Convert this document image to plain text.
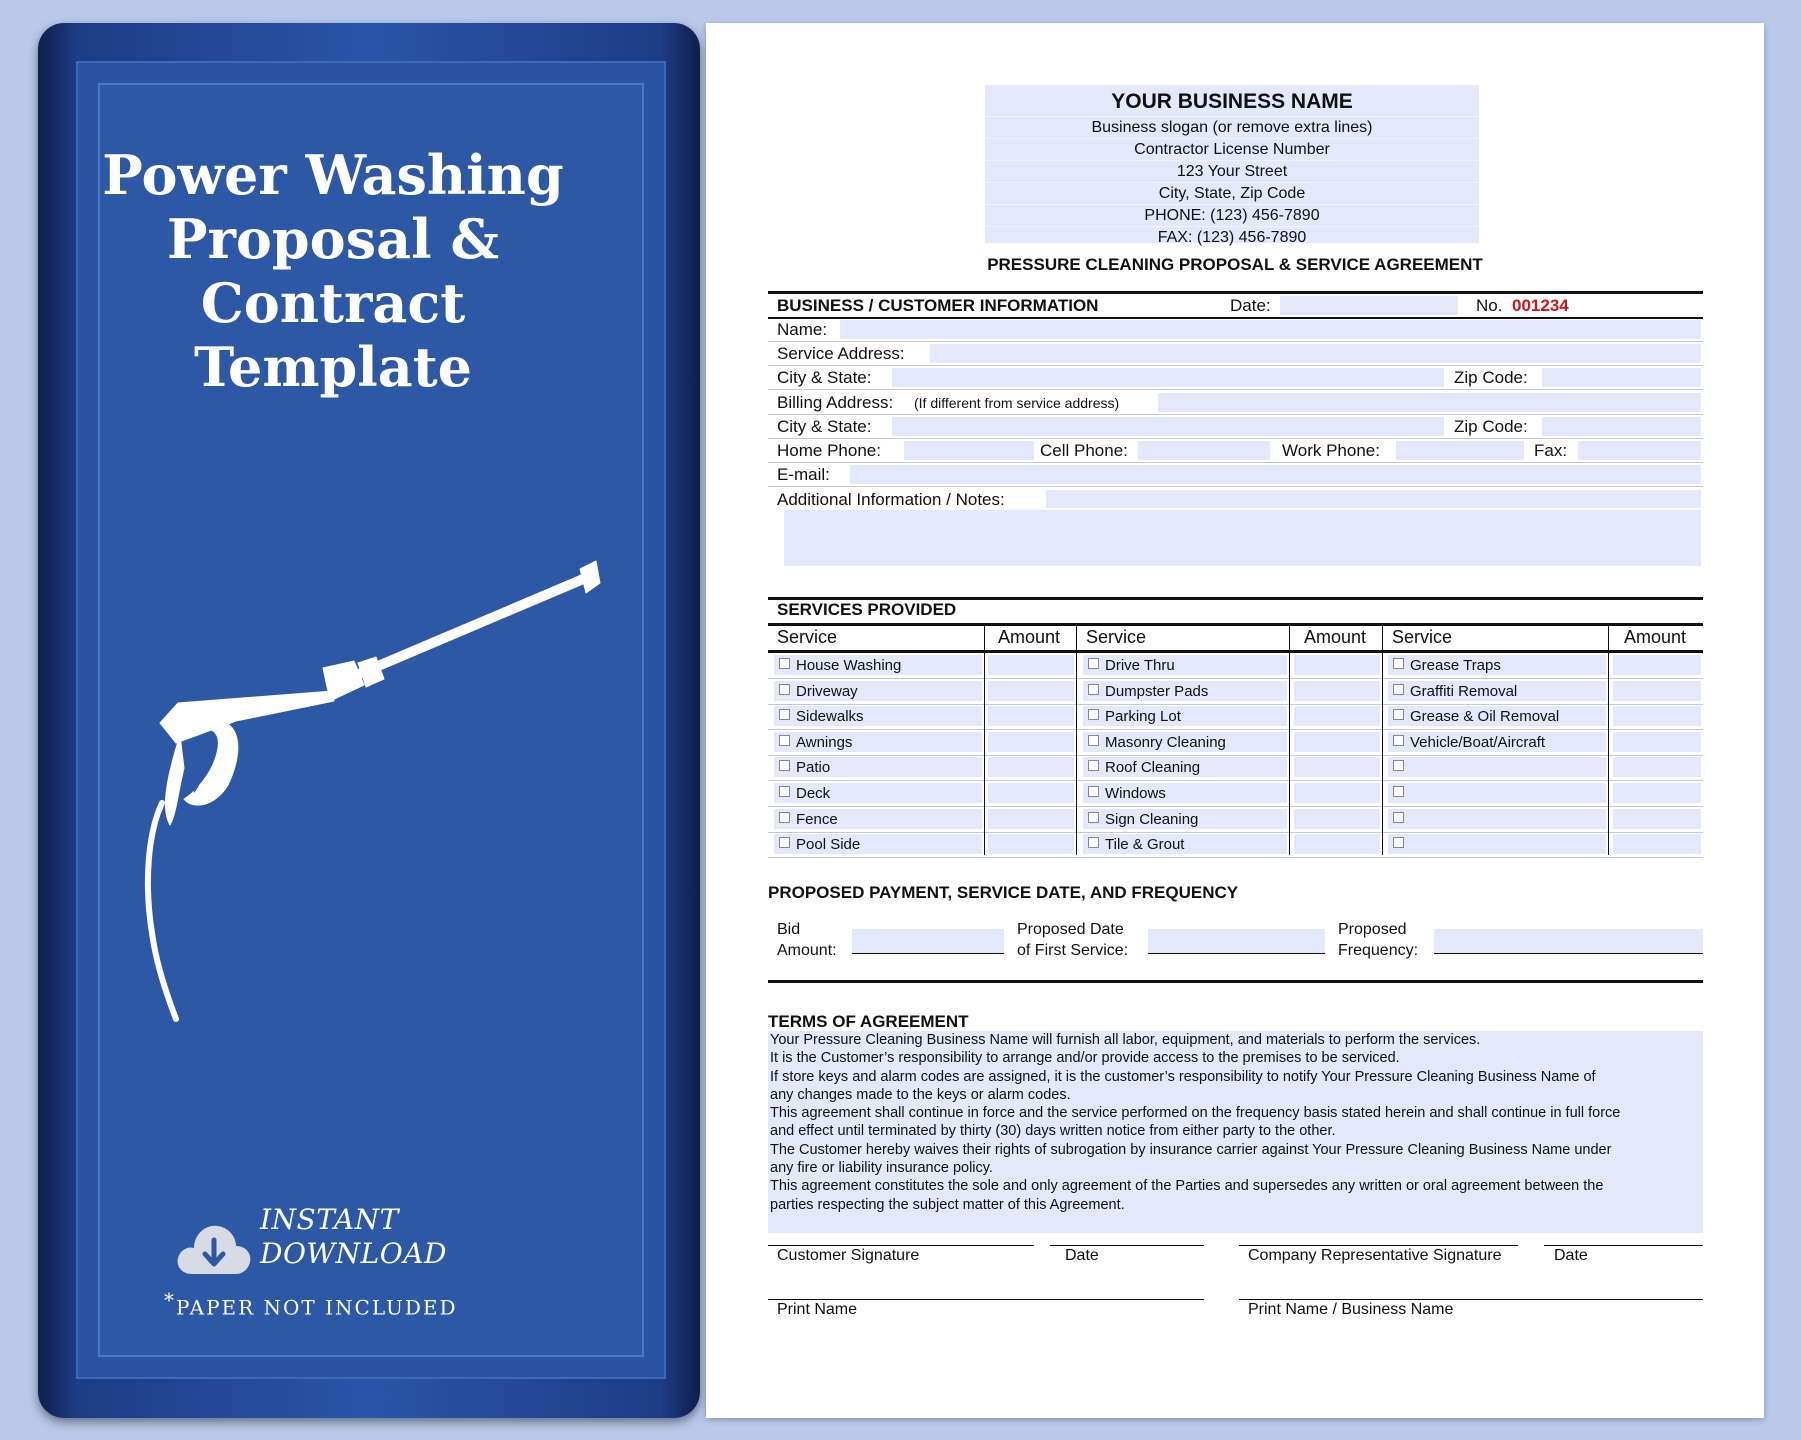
Power Washing
Proposal & Contract
Template
INSTANT
DOWNLOAD
*PAPER NOT INCLUDED
YOUR BUSINESS NAME
Business slogan (or remove extra lines)
Contractor License Number
123 Your Street
City, State, Zip Code
PHONE: (123) 456-7890
FAX: (123) 456-7890
PRESSURE CLEANING PROPOSAL & SERVICE AGREEMENT
BUSINESS / CUSTOMER INFORMATION	Date:	No. 001234
Name:
Service Address:
City & State:	Zip Code:
Billing Address: (If different from service address)
City & State:	Zip Code:
Home Phone:	Cell Phone:	Work Phone:	Fax:
E-mail:
Additional Information / Notes:
SERVICES PROVIDED
Service	Amount Service	Amount Service	Amount
House Washing	Drive Thru	Grease Traps
Driveway	Dumpster Pads	Graffiti Removal
Sidewalks	Parking Lot	Grease & Oil Removal
Awnings	Masonry Cleaning	Vehicle/Boat/Aircraft
Patio	Roof Cleaning
Deck	Windows
Fence	Sign Cleaning
Pool Side	Tile & Grout
PROPOSED PAYMENT, SERVICE DATE, AND FREQUENCY
Bid
Amount:
Proposed Date
of First Service:
Proposed
Frequency:
TERMS OF AGREEMENT
Your Pressure Cleaning Business Name will furnish all labor, equipment, and materials to perform the services.
It is the Customer’s responsibility to arrange and/or provide access to the premises to be serviced.
If store keys and alarm codes are assigned, it is the customer’s responsibility to notify Your Pressure Cleaning Business Name of
any changes made to the keys or alarm codes.
This agreement shall continue in force and the service performed on the frequency basis stated herein and shall continue in full force
and effect until terminated by thirty (30) days written notice from either party to the other.
The Customer hereby waives their rights of subrogation by insurance carrier against Your Pressure Cleaning Business Name under
any fire or liability insurance policy.
This agreement constitutes the sole and only agreement of the Parties and supersedes any written or oral agreement between the
parties respecting the subject matter of this Agreement.
Customer Signature	Date	Company Representative Signature	Date
Print Name	Print Name / Business Name
